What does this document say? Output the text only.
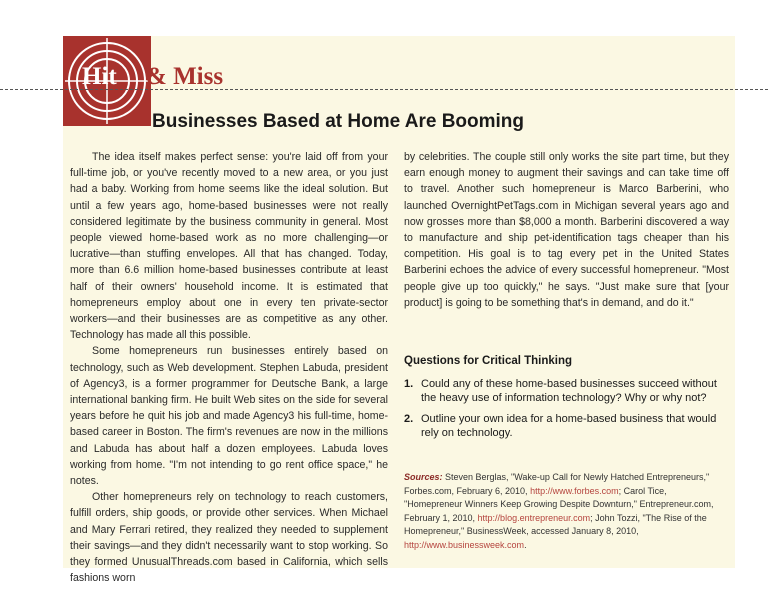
Hit & Miss
Businesses Based at Home Are Booming

The idea itself makes perfect sense: you're laid off from your full-time job, or you've recently moved to a new area, or you just had a baby. Working from home seems like the ideal solution. But until a few years ago, home-based businesses were not really considered legitimate by the business community in general. Most people viewed home-based work as no more challenging—or lucrative—than stuffing envelopes. All that has changed. Today, more than 6.6 million home-based businesses contribute at least half of their owners' household income. It is estimated that homepreneurs employ about one in every ten private-sector workers—and their businesses are as competitive as any other. Technology has made all this possible.

Some homepreneurs run businesses entirely based on technology, such as Web development. Stephen Labuda, president of Agency3, is a former programmer for Deutsche Bank, a large international banking firm. He built Web sites on the side for several years before he quit his job and made Agency3 his full-time, home-based career in Boston. The firm's revenues are now in the millions and Labuda has about half a dozen employees. Labuda loves working from home. "I'm not intending to go rent office space," he notes.

Other homepreneurs rely on technology to reach customers, fulfill orders, ship goods, or provide other services. When Michael and Mary Ferrari retired, they realized they needed to supplement their savings—and they didn't necessarily want to stop working. So they formed UnusualThreads.com based in California, which sells fashions worn

by celebrities. The couple still only works the site part time, but they earn enough money to augment their savings and can take time off to travel. Another such homepreneur is Marco Barberini, who launched OvernightPetTags.com in Michigan several years ago and now grosses more than $8,000 a month. Barberini discovered a way to manufacture and ship pet-identification tags cheaper than his competition. His goal is to tag every pet in the United States Barberini echoes the advice of every successful homepreneur. "Most people give up too quickly," he says. "Just make sure that [your product] is going to be something that's in demand, and do it."

Questions for Critical Thinking
1. Could any of these home-based businesses succeed without the heavy use of information technology? Why or why not?
2. Outline your own idea for a home-based business that would rely on technology.
Sources: Steven Berglas, "Wake-up Call for Newly Hatched Entrepreneurs," Forbes.com, February 6, 2010, http://www.forbes.com; Carol Tice, "Homepreneur Winners Keep Growing Despite Downturn," Entrepreneur.com, February 1, 2010, http://blog.entrepreneur.com; John Tozzi, "The Rise of the Homepreneur," BusinessWeek, accessed January 8, 2010, http://www.businessweek.com.
